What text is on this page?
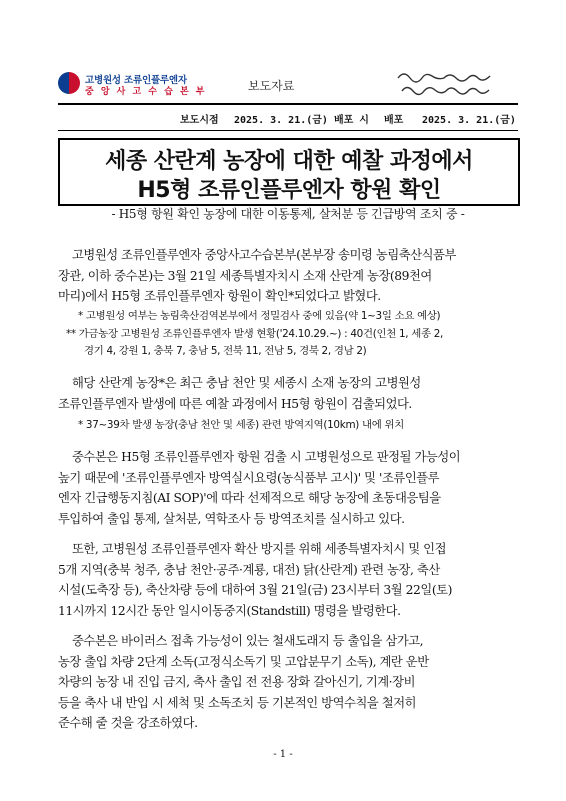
고병원성 조류인플루엔자
중 앙 사 고 수 습 본 부	보도자료
보도시점 2025. 3. 21.(금) 배포 시 배포 2025. 3. 21.(금)
세종 산란계 농장에 대한 예찰 과정에서
H5형 조류인플루엔자 항원 확인
- H5형 항원 확인 농장에 대한 이동통제, 살처분 등 긴급방역 조치 중 -
고병원성 조류인플루엔자 중앙사고수습본부(본부장 송미령 농림축산식품부
장관, 이하 중수본)는 3월 21일 세종특별자치시 소재 산란계 농장(89천여
마리)에서 H5형 조류인플루엔자 항원이 확인*되었다고 밝혔다.
* 고병원성 여부는 농림축산검역본부에서 정밀검사 중에 있음(약 1~3일 소요 예상)
** 가금농장 고병원성 조류인플루엔자 발생 현황('24.10.29.~) : 40건(인천 1, 세종 2,
경기 4, 강원 1, 충북 7, 충남 5, 전북 11, 전남 5, 경북 2, 경남 2)
해당 산란계 농장*은 최근 충남 천안 및 세종시 소재 농장의 고병원성
조류인플루엔자 발생에 따른 예찰 과정에서 H5형 항원이 검출되었다.
* 37~39차 발생 농장(충남 천안 및 세종) 관련 방역지역(10km) 내에 위치
중수본은 H5형 조류인플루엔자 항원 검출 시 고병원성으로 판정될 가능성이
높기 때문에 '조류인플루엔자 방역실시요령(농식품부 고시)' 및 '조류인플루
엔자 긴급행동지침(AI SOP)'에 따라 선제적으로 해당 농장에 초동대응팀을
투입하여 출입 통제, 살처분, 역학조사 등 방역조치를 실시하고 있다.
또한, 고병원성 조류인플루엔자 확산 방지를 위해 세종특별자치시 및 인접
5개 지역(충북 청주, 충남 천안·공주·계룡, 대전) 닭(산란계) 관련 농장, 축산
시설(도축장 등), 축산차량 등에 대하여 3월 21일(금) 23시부터 3월 22일(토)
11시까지 12시간 동안 일시이동중지(Standstill) 명령을 발령한다.
중수본은 바이러스 접촉 가능성이 있는 철새도래지 등 출입을 삼가고,
농장 출입 차량 2단계 소독(고정식소독기 및 고압분무기 소독), 계란 운반
차량의 농장 내 진입 금지, 축사 출입 전 전용 장화 갈아신기, 기계·장비
등을 축사 내 반입 시 세척 및 소독조치 등 기본적인 방역수칙을 철저히
준수해 줄 것을 강조하였다.
- 1 -
